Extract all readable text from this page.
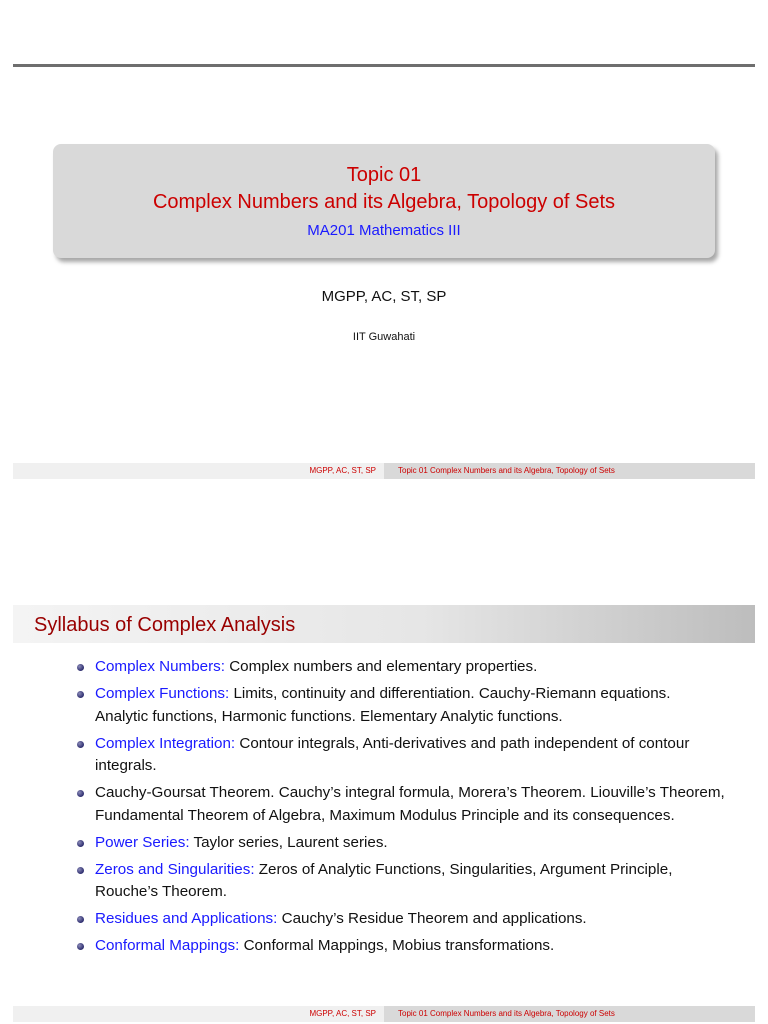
Topic 01
Complex Numbers and its Algebra, Topology of Sets
MA201 Mathematics III
MGPP, AC, ST, SP
IIT Guwahati
MGPP, AC, ST, SP	Topic 01 Complex Numbers and its Algebra, Topology of Sets
Syllabus of Complex Analysis
Complex Numbers: Complex numbers and elementary properties.
Complex Functions: Limits, continuity and differentiation. Cauchy-Riemann equations. Analytic functions, Harmonic functions. Elementary Analytic functions.
Complex Integration: Contour integrals, Anti-derivatives and path independent of contour integrals.
Cauchy-Goursat Theorem. Cauchy’s integral formula, Morera’s Theorem. Liouville’s Theorem, Fundamental Theorem of Algebra, Maximum Modulus Principle and its consequences.
Power Series: Taylor series, Laurent series.
Zeros and Singularities: Zeros of Analytic Functions, Singularities, Argument Principle, Rouche’s Theorem.
Residues and Applications: Cauchy’s Residue Theorem and applications.
Conformal Mappings: Conformal Mappings, Mobius transformations.
MGPP, AC, ST, SP	Topic 01 Complex Numbers and its Algebra, Topology of Sets
